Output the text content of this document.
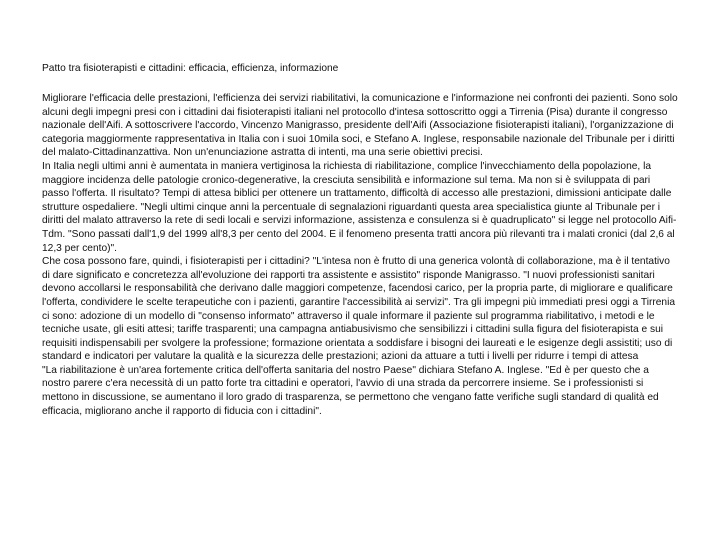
Patto tra fisioterapisti e cittadini: efficacia, efficienza, informazione
Migliorare l'efficacia delle prestazioni, l'efficienza dei servizi riabilitativi, la comunicazione e l'informazione nei confronti dei pazienti. Sono solo alcuni degli impegni presi con i cittadini dai fisioterapisti italiani nel protocollo d'intesa sottoscritto oggi a Tirrenia (Pisa) durante il congresso nazionale dell'Aifi. A sottoscrivere l'accordo, Vincenzo Manigrasso, presidente dell'Aifi (Associazione fisioterapisti italiani), l'organizzazione di categoria maggiormente rappresentativa in Italia con i suoi 10mila soci, e Stefano A. Inglese, responsabile nazionale del Tribunale per i diritti del malato-Cittadinanzattiva. Non un'enunciazione astratta di intenti, ma una serie obiettivi precisi.
In Italia negli ultimi anni è aumentata in maniera vertiginosa la richiesta di riabilitazione, complice l'invecchiamento della popolazione, la maggiore incidenza delle patologie cronico-degenerative, la cresciuta sensibilità e informazione sul tema. Ma non si è sviluppata di pari passo l'offerta. Il risultato? Tempi di attesa biblici per ottenere un trattamento, difficoltà di accesso alle prestazioni, dimissioni anticipate dalle strutture ospedaliere. "Negli ultimi cinque anni la percentuale di segnalazioni riguardanti questa area specialistica giunte al Tribunale per i diritti del malato attraverso la rete di sedi locali e servizi informazione, assistenza e consulenza si è quadruplicato" si legge nel protocollo Aifi-Tdm. "Sono passati dall'1,9 del 1999 all'8,3 per cento del 2004. E il fenomeno presenta tratti ancora più rilevanti tra i malati cronici (dal 2,6 al 12,3 per cento)".
Che cosa possono fare, quindi, i fisioterapisti per i cittadini? "L'intesa non è frutto di una generica volontà di collaborazione, ma è il tentativo di dare significato e concretezza all'evoluzione dei rapporti tra assistente e assistito" risponde Manigrasso. "I nuovi professionisti sanitari devono accollarsi le responsabilità che derivano dalle maggiori competenze, facendosi carico, per la propria parte, di migliorare e qualificare l'offerta, condividere le scelte terapeutiche con i pazienti, garantire l'accessibilità ai servizi". Tra gli impegni più immediati presi oggi a Tirrenia ci sono: adozione di un modello di "consenso informato" attraverso il quale informare il paziente sul programma riabilitativo, i metodi e le tecniche usate, gli esiti attesi; tariffe trasparenti; una campagna antiabusivismo che sensibilizzi i cittadini sulla figura del fisioterapista e sui requisiti indispensabili per svolgere la professione; formazione orientata a soddisfare i bisogni dei laureati e le esigenze degli assistiti; uso di standard e indicatori per valutare la qualità e la sicurezza delle prestazioni; azioni da attuare a tutti i livelli per ridurre i tempi di attesa
"La riabilitazione è un'area fortemente critica dell'offerta sanitaria del nostro Paese" dichiara Stefano A. Inglese. "Ed è per questo che a nostro parere c'era necessità di un patto forte tra cittadini e operatori, l'avvio di una strada da percorrere insieme. Se i professionisti si mettono in discussione, se aumentano il loro grado di trasparenza, se permettono che vengano fatte verifiche sugli standard di qualità ed efficacia, migliorano anche il rapporto di fiducia con i cittadini".
